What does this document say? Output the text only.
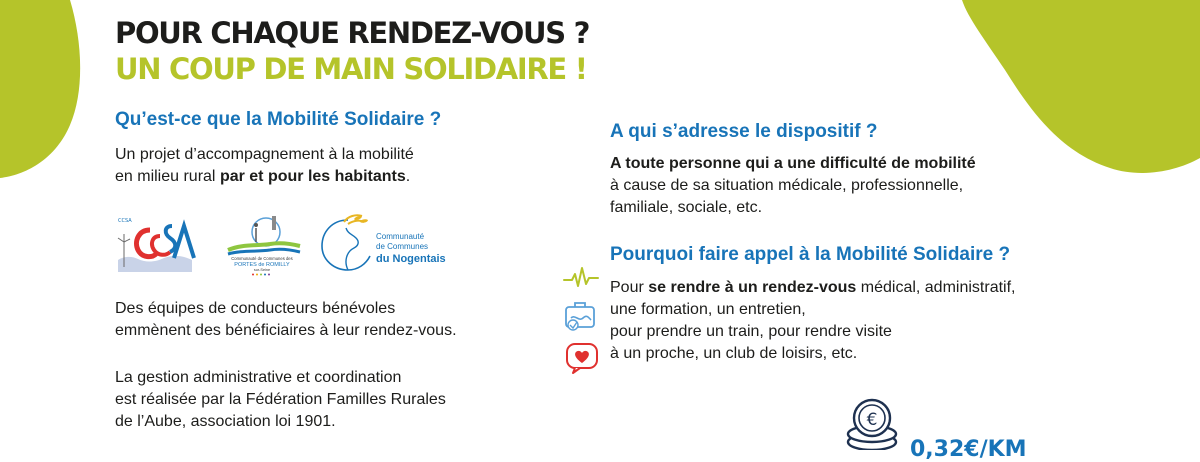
POUR CHAQUE RENDEZ-VOUS ?
UN COUP DE MAIN SOLIDAIRE !
Qu’est-ce que la Mobilité Solidaire ?
Un projet d’accompagnement à la mobilité
en milieu rural par et pour les habitants.
CCSA
Communauté de Communes des
PORTES de ROMILLY
sur-Seine
Communauté
de Communes
du Nogentais
Des équipes de conducteurs bénévoles
emmènent des bénéficiaires à leur rendez-vous.
La gestion administrative et coordination
est réalisée par la Fédération Familles Rurales
de l’Aube, association loi 1901.
A qui s’adresse le dispositif ?
A toute personne qui a une difficulté de mobilité
à cause de sa situation médicale, professionnelle,
familiale, sociale, etc.
Pourquoi faire appel à la Mobilité Solidaire ?
Pour se rendre à un rendez-vous médical, administratif,
une formation, un entretien,
pour prendre un train, pour rendre visite
à un proche, un club de loisirs, etc.
€
0,32€/KM
